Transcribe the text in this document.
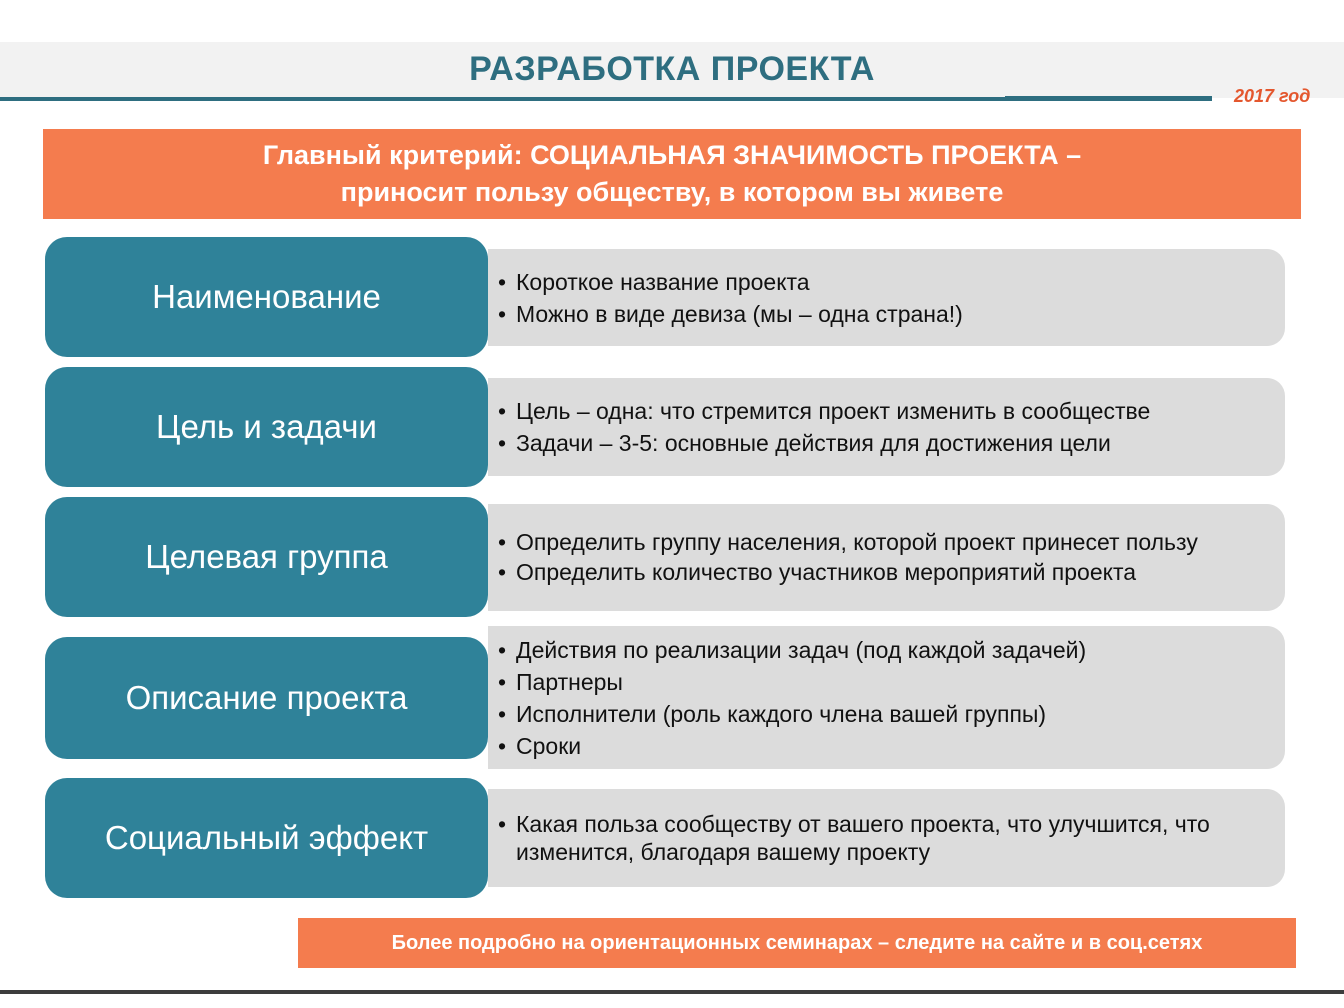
РАЗРАБОТКА ПРОЕКТА
2017 год
Главный критерий: СОЦИАЛЬНАЯ ЗНАЧИМОСТЬ ПРОЕКТА –
приносит пользу обществу, в котором вы живете
Наименование	• Короткое название проекта
• Можно в виде девиза (мы – одна страна!)
Цель и задачи	• Цель – одна: что стремится проект изменить в сообществе
• Задачи – 3-5: основные действия для достижения цели
Целевая группа	• Определить группу населения, которой проект принесет пользу
• Определить количество участников мероприятий проекта
Описание проекта
• Действия по реализации задач (под каждой задачей)
• Партнеры
• Исполнители (роль каждого члена вашей группы)
• Сроки
Социальный эффект	• Какая польза сообществу от вашего проекта, что улучшится, что изменится, благодаря вашему проекту
Более подробно на ориентационных семинарах – следите на сайте и в соц.сетях
